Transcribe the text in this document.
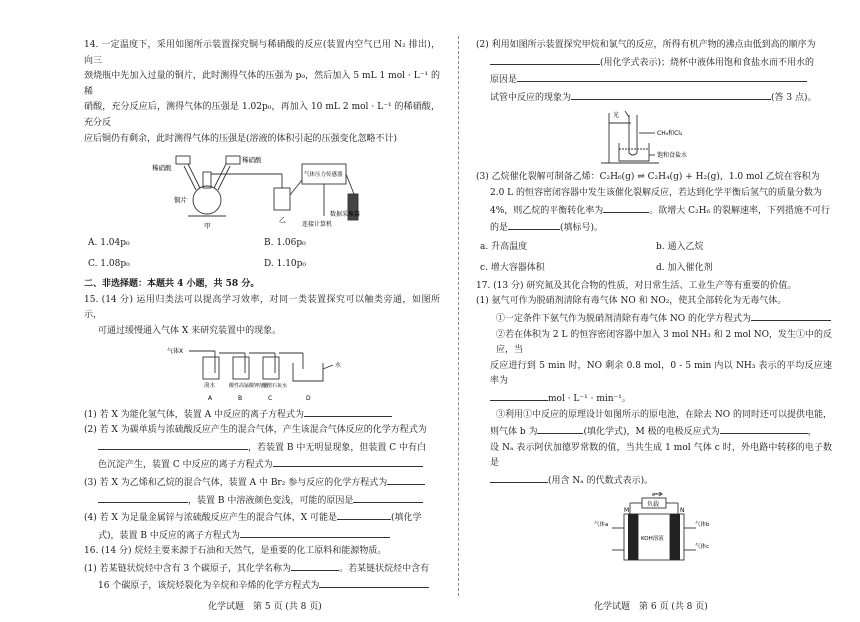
14. 一定温度下，采用如图所示装置探究铜与稀硝酸的反应(装置内空气已用 N₂ 排出)，向三

颈烧瓶中先加入过量的铜片，此时测得气体的压强为 p₀，然后加入 5 mL 1 mol · L⁻¹ 的稀

硝酸，充分反应后，测得气体的压强是 1.02p₀，再加入 10 mL 2 mol · L⁻¹ 的稀硝酸，充分反

应后铜仍有剩余，此时测得气体的压强是(溶液的体积引起的压强变化忽略不计)

稀硝酸
稀硝酸
铜片
甲
乙
气体压力传感器
连接计算机
数据采集器
A. 1.04p₀	B. 1.06p₀
C. 1.08p₀	D. 1.10p₀

二、非选择题：本题共 4 小题，共 58 分。

15. (14 分) 运用归类法可以提高学习效率，对同一类装置探究可以触类旁通，如图所示，

可通过缓慢通入气体 X 来研究装置中的现象。

气体X
水
溴水	酸性高锰酸钾溶液
澄清石灰水
A	B	C	D

(1) 若 X 为能化氢气体，装置 A 中反应的离子方程式为

(2) 若 X 为碳单质与浓硫酸反应产生的混合气体，产生该混合气体反应的化学方程式为

，若装置 B 中无明显现象，但装置 C 中有白

色沉淀产生，装置 C 中反应的离子方程式为

(3) 若 X 为乙烯和乙烷的混合气体，装置 A 中 Br₂ 参与反应的化学方程式为

，装置 B 中溶液颜色变浅，可能的原因是

(4) 若 X 为足量金属锌与浓硫酸反应产生的混合气体，X 可能是	(填化学

式)，装置 B 中反应的离子方程式为

16. (14 分) 烷烃主要来源于石油和天然气，是重要的化工原料和能源物质。

(1) 若某链状烷烃中含有 3 个碳原子，其化学名称为	。若某链状烷烃中含有

16 个碳原子，该烷烃裂化为辛烷和辛烯的化学方程式为

(2) 利用如图所示装置探究甲烷和氯气的反应，所得有机产物的沸点由低到高的顺序为

(用化学式表示)；烧杯中液体用饱和食盐水而不用水的

原因是

试管中反应的现象为	(答 3 点)。

光
CH₄和Cl₂
饱和食盐水

(3) 乙烷催化裂解可制备乙烯：C₂H₆(g) ⇌ C₂H₄(g) + H₂(g)，1.0 mol 乙烷在容积为

2.0 L 的恒容密闭容器中发生该催化裂解反应，若达到化学平衡后氢气的质量分数为

4%，则乙烷的平衡转化率为	。欲增大 C₂H₆ 的裂解速率，下列措施不可行

的是	(填标号)。

a. 升高温度	b. 通入乙烷
c. 增大容器体积	d. 加入催化剂

17. (13 分) 研究氮及其化合物的性质，对日常生活、工业生产等有重要的价值。

(1) 氨气可作为脱硝剂清除有毒气体 NO 和 NO₂，使其全部转化为无毒气体。

①一定条件下氨气作为脱硝剂清除有毒气体 NO 的化学方程式为

②若在体积为 2 L 的恒容密闭容器中加入 3 mol NH₃ 和 2 mol NO，发生①中的反应，当

反应进行到 5 min 时，NO 剩余 0.8 mol，0 - 5 min 内以 NH₃ 表示的平均反应速率为

mol · L⁻¹ · min⁻¹。

③利用①中反应的原理设计如图所示的原电池，在除去 NO 的同时还可以提供电能，

则气体 b 为	(填化学式)，M 极的电极反应式为	，

设 Nₐ 表示阿伏加德罗常数的值，当共生成 1 mol 气体 c 时，外电路中转移的电子数是

(用含 Nₐ 的代数式表示)。

e⁻
负载
M	N
气体a	气体b
气体c
KOH溶液
化学试题　第 5 页 (共 8 页)	化学试题　第 6 页 (共 8 页)
